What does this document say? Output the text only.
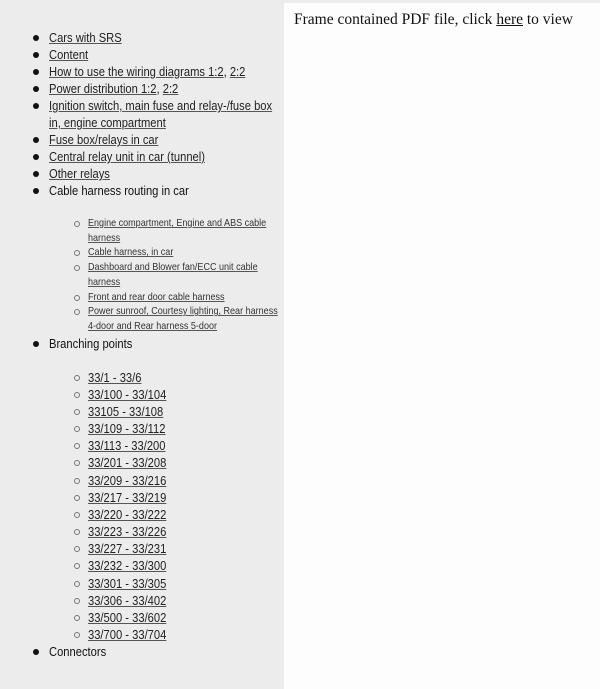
Cars with SRS
Content
How to use the wiring diagrams 1:2, 2:2
Power distribution 1:2, 2:2
Ignition switch, main fuse and relay-/fuse box in, engine compartment
Fuse box/relays in car
Central relay unit in car (tunnel)
Other relays
Cable harness routing in car
Engine compartment, Engine and ABS cable harness
Cable harness, in car
Dashboard and Blower fan/ECC unit cable harness
Front and rear door cable harness
Power sunroof, Courtesy lighting, Rear harness 4-door and Rear harness 5-door
Branching points
33/1 - 33/6
33/100 - 33/104
33105 - 33/108
33/109 - 33/112
33/113 - 33/200
33/201 - 33/208
33/209 - 33/216
33/217 - 33/219
33/220 - 33/222
33/223 - 33/226
33/227 - 33/231
33/232 - 33/300
33/301 - 33/305
33/306 - 33/402
33/500 - 33/602
33/700 - 33/704
Connectors
Frame contained PDF file, click here to view
